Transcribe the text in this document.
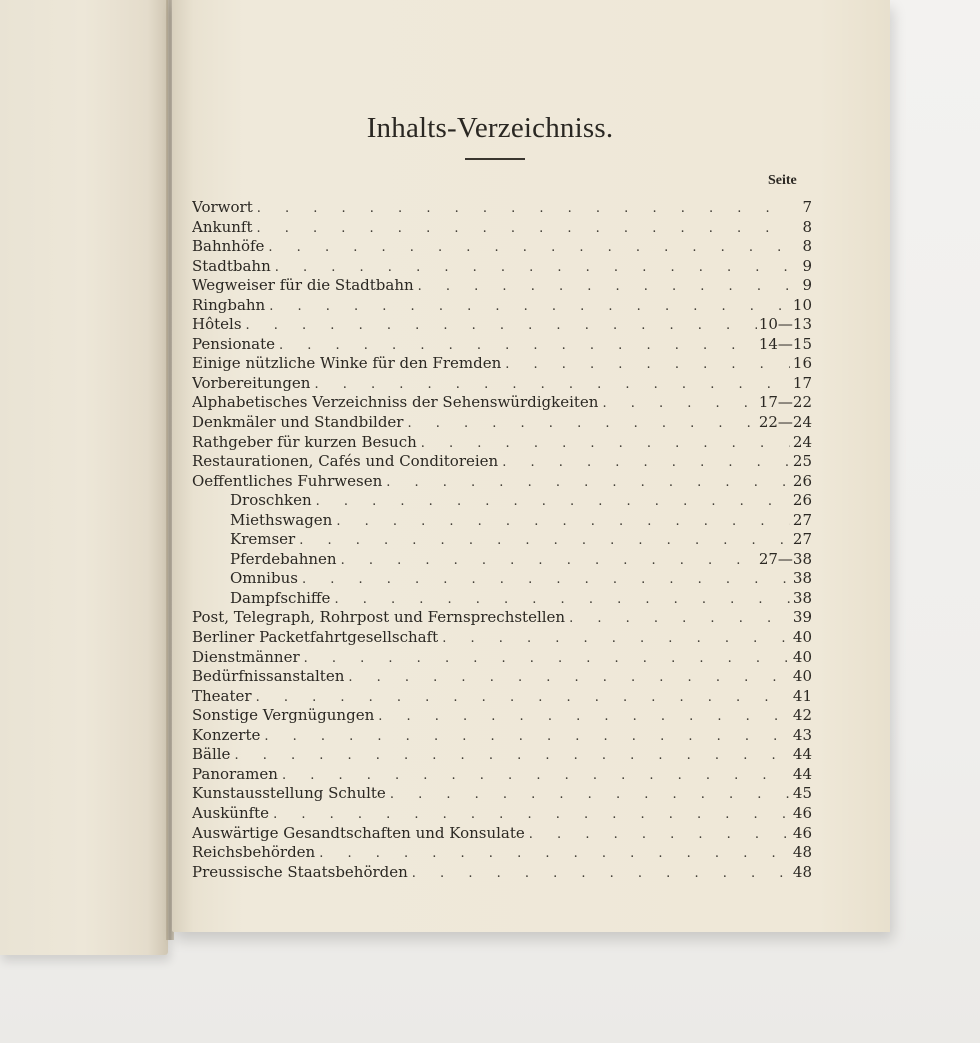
Inhalts-Verzeichniss.
Seite
Vorwort . . .	7
Ankunft . . .	8
Bahnhöfe . . .	8
Stadtbahn . . .	9
Wegweiser für die Stadtbahn . . .	9
Ringbahn . . .	10
Hôtels . . .	10—13
Pensionate . . .	14—15
Einige nützliche Winke für den Fremden . . .	16
Vorbereitungen . . .	17
Alphabetisches Verzeichniss der Sehenswürdigkeiten . . .	17—22
Denkmäler und Standbilder . . .	22—24
Rathgeber für kurzen Besuch . . .	24
Restaurationen, Cafés und Conditoreien . . .	25
Oeffentliches Fuhrwesen . . .	26
Droschken . . .	26
Miethswagen . . .	27
Kremser . . .	27
Pferdebahnen . . .	27—38
Omnibus . . .	38
Dampfschiffe . . .	38
Post, Telegraph, Rohrpost und Fernsprechstellen . . .	39
Berliner Packetfahrtgesellschaft . . .	40
Dienstmänner . . .	40
Bedürfnissanstalten . . .	40
Theater . . .	41
Sonstige Vergnügungen . . .	42
Konzerte . . .	43
Bälle . . .	44
Panoramen . . .	44
Kunstausstellung Schulte . . .	45
Auskünfte . . .	46
Auswärtige Gesandtschaften und Konsulate . . .	46
Reichsbehörden . . .	48
Preussische Staatsbehörden . . .	48
